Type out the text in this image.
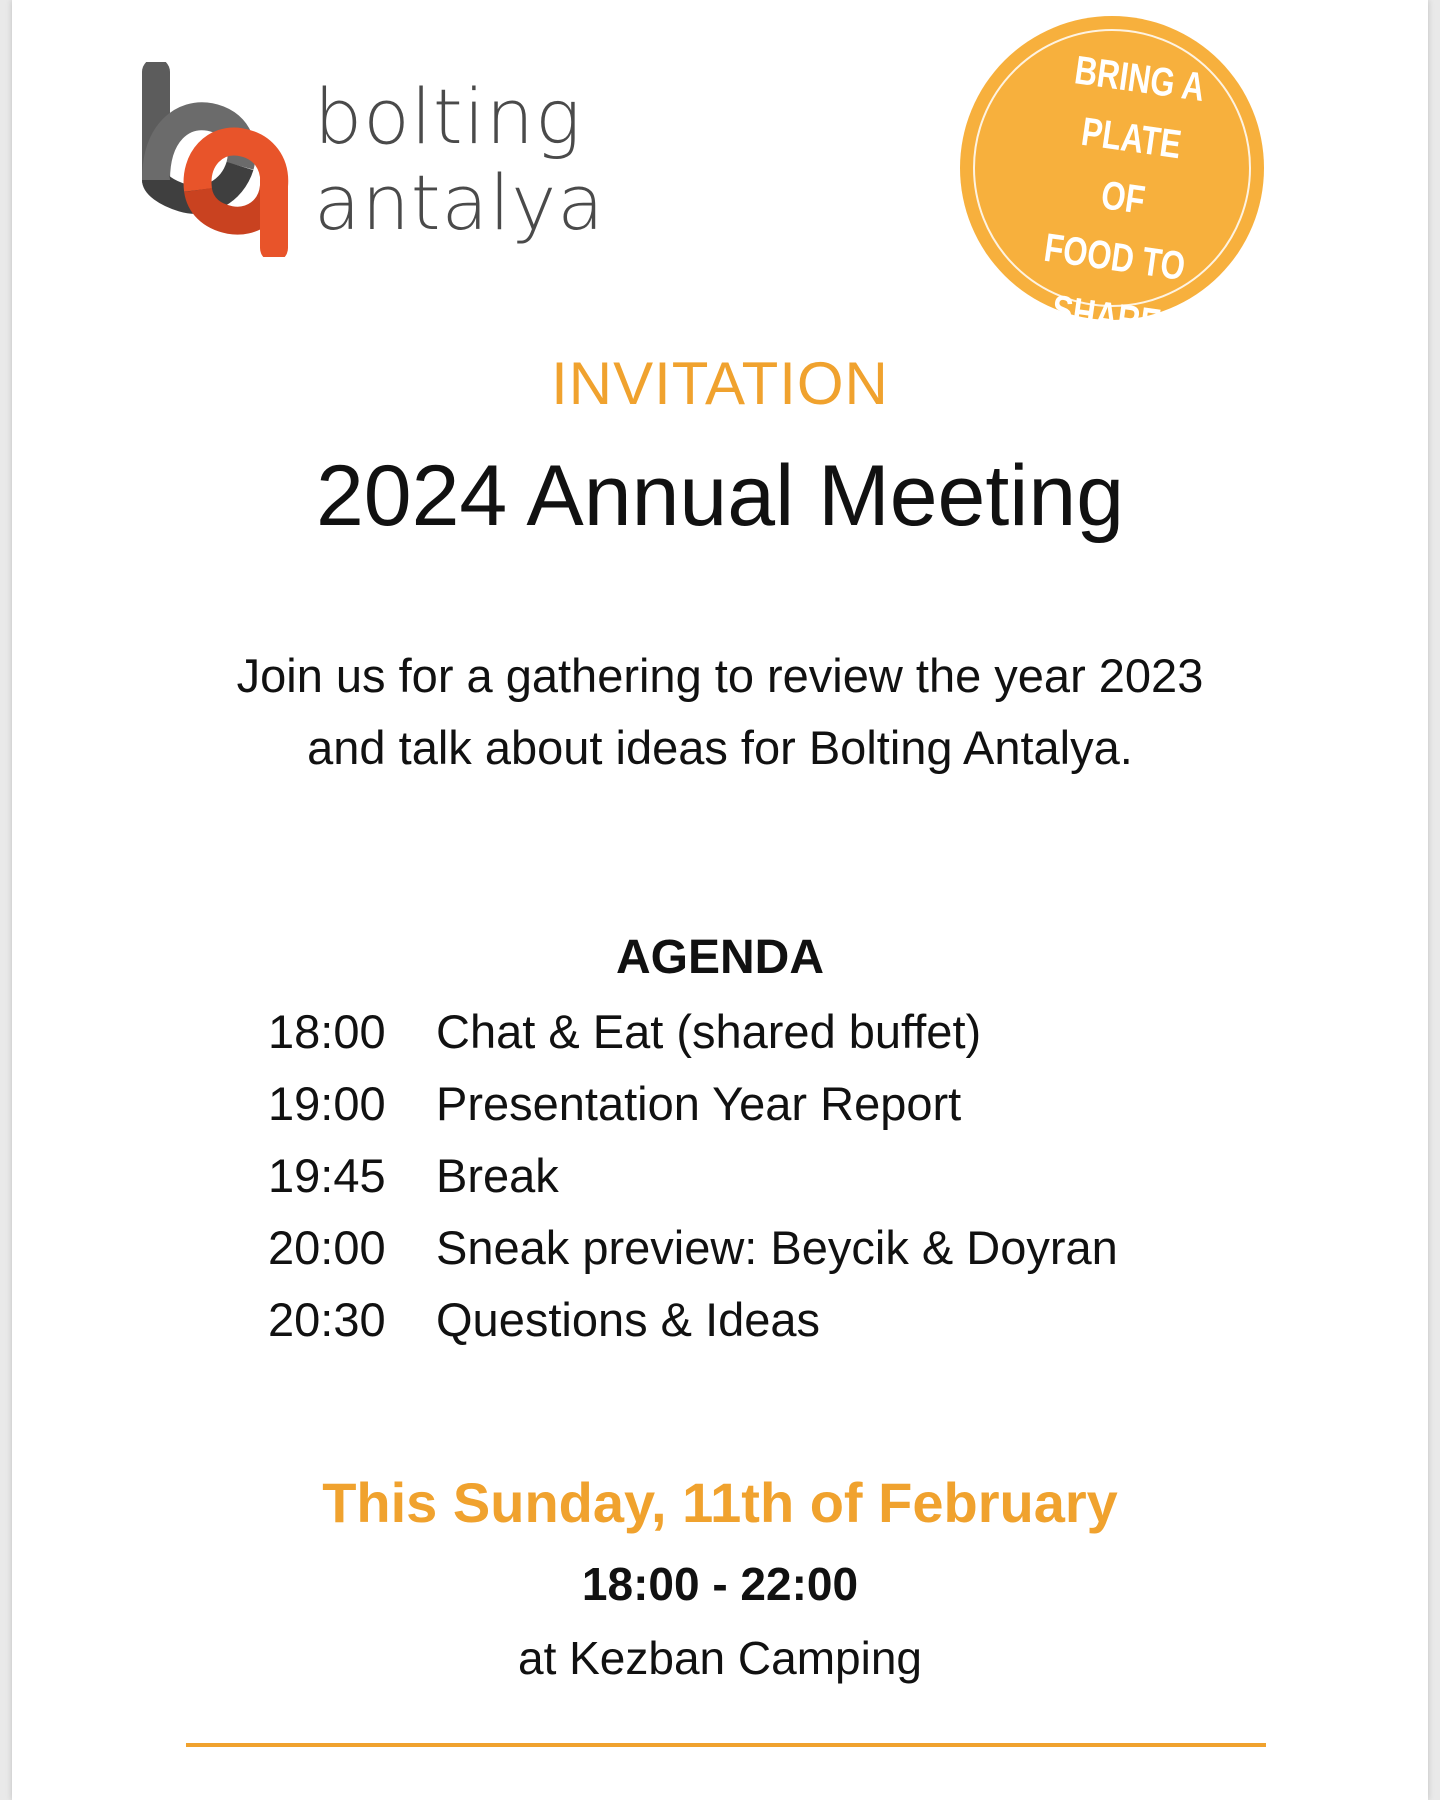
bolting
antalya
BRING A
PLATE OF
FOOD TO
SHARE
INVITATION
2024 Annual Meeting
Join us for a gathering to review the year 2023
and talk about ideas for Bolting Antalya.
AGENDA
18:00	Chat & Eat (shared buffet)
19:00	Presentation Year Report
19:45	Break
20:00	Sneak preview: Beycik & Doyran
20:30	Questions & Ideas
This Sunday, 11th of February
18:00 - 22:00
at Kezban Camping
